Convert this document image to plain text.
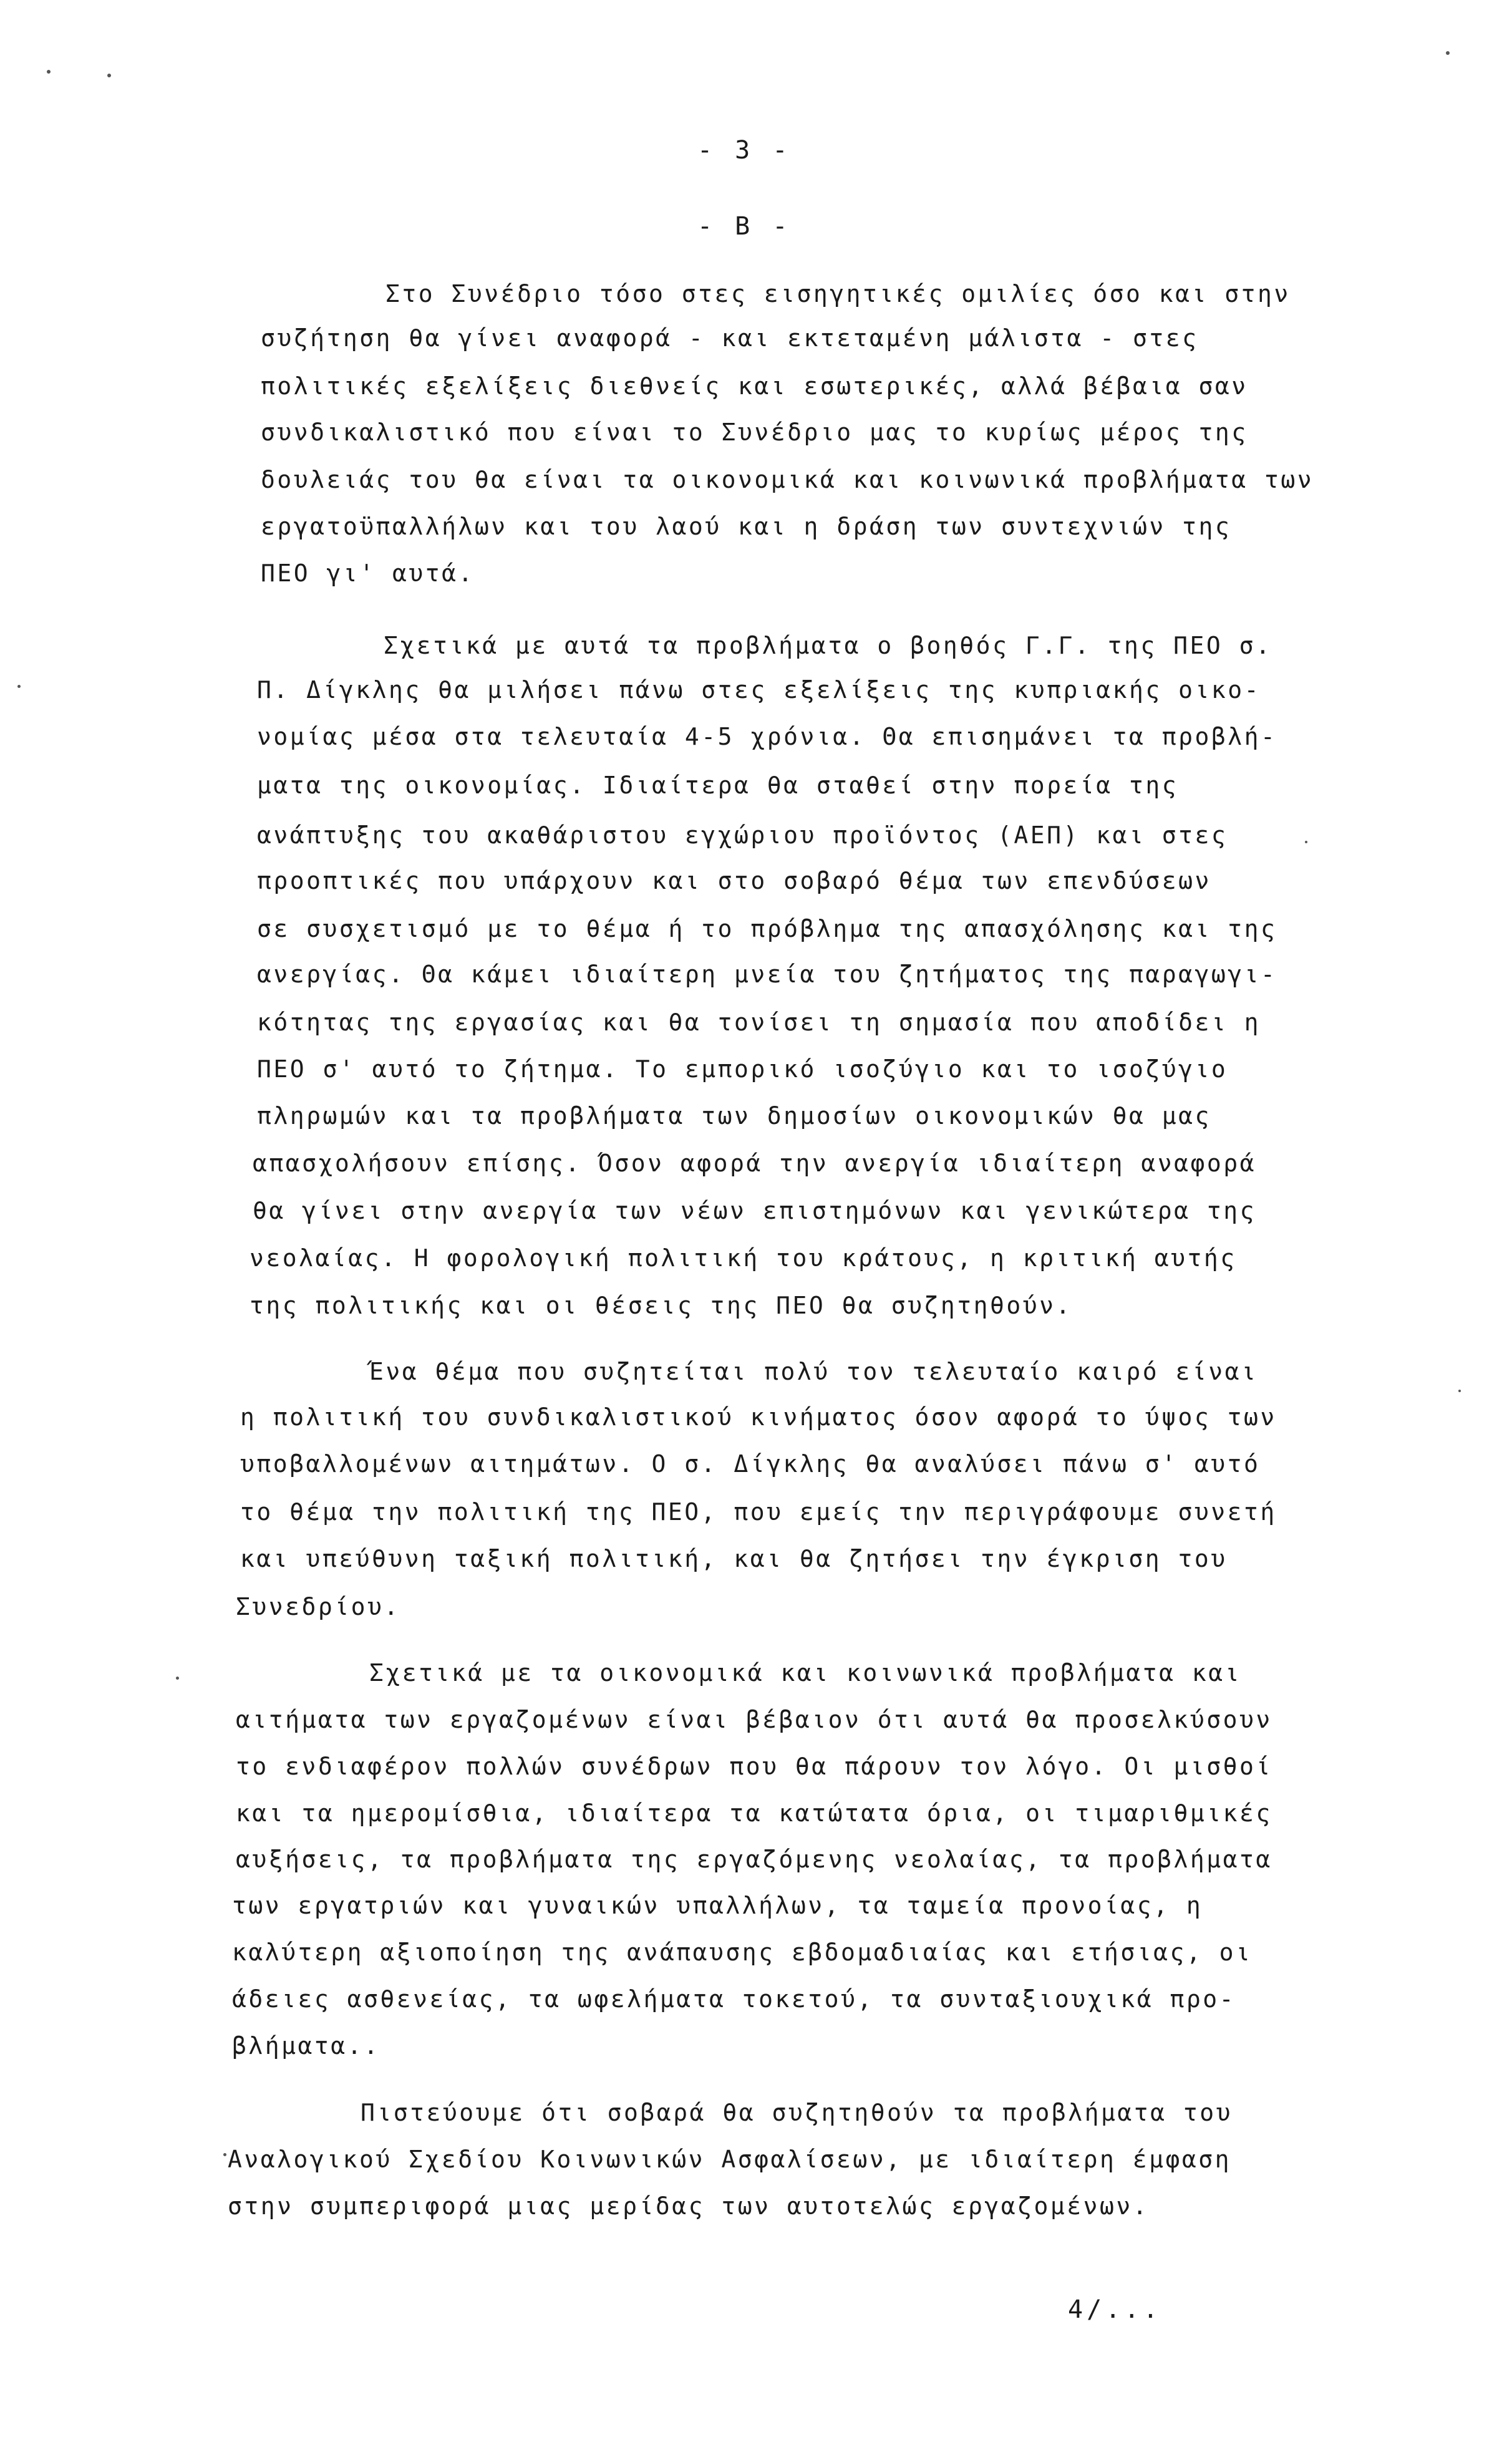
- 3 -
- B -
Στο Συνέδριο τόσο στες εισηγητικές ομιλίες όσο και στην
συζήτηση θα γίνει αναφορά - και εκτεταμένη μάλιστα - στες
πολιτικές εξελίξεις διεθνείς και εσωτερικές, αλλά βέβαια σαν
συνδικαλιστικό που είναι το Συνέδριο μας το κυρίως μέρος της
δουλειάς του θα είναι τα οικονομικά και κοινωνικά προβλήματα των
εργατοϋπαλλήλων και του λαού και η δράση των συντεχνιών της
ΠΕΟ γι' αυτά.
Σχετικά με αυτά τα προβλήματα ο βοηθός Γ.Γ. της ΠΕΟ σ.
Π. Δίγκλης θα μιλήσει πάνω στες εξελίξεις της κυπριακής οικο-
νομίας μέσα στα τελευταία 4-5 χρόνια. Θα επισημάνει τα προβλή-
ματα της οικονομίας. Ιδιαίτερα θα σταθεί στην πορεία της
ανάπτυξης του ακαθάριστου εγχώριου προϊόντος (ΑΕΠ) και στες
προοπτικές που υπάρχουν και στο σοβαρό θέμα των επενδύσεων
σε συσχετισμό με το θέμα ή το πρόβλημα της απασχόλησης και της
ανεργίας. Θα κάμει ιδιαίτερη μνεία του ζητήματος της παραγωγι-
κότητας της εργασίας και θα τονίσει τη σημασία που αποδίδει η
ΠΕΟ σ' αυτό το ζήτημα. Το εμπορικό ισοζύγιο και το ισοζύγιο
πληρωμών και τα προβλήματα των δημοσίων οικονομικών θα μας
απασχολήσουν επίσης. Όσον αφορά την ανεργία ιδιαίτερη αναφορά
θα γίνει στην ανεργία των νέων επιστημόνων και γενικώτερα της
νεολαίας. Η φορολογική πολιτική του κράτους, η κριτική αυτής
της πολιτικής και οι θέσεις της ΠΕΟ θα συζητηθούν.
Ένα θέμα που συζητείται πολύ τον τελευταίο καιρό είναι
η πολιτική του συνδικαλιστικού κινήματος όσον αφορά το ύψος των
υποβαλλομένων αιτημάτων. Ο σ. Δίγκλης θα αναλύσει πάνω σ' αυτό
το θέμα την πολιτική της ΠΕΟ, που εμείς την περιγράφουμε συνετή
και υπεύθυνη ταξική πολιτική, και θα ζητήσει την έγκριση του
Συνεδρίου.
Σχετικά με τα οικονομικά και κοινωνικά προβλήματα και
αιτήματα των εργαζομένων είναι βέβαιον ότι αυτά θα προσελκύσουν
το ενδιαφέρον πολλών συνέδρων που θα πάρουν τον λόγο. Οι μισθοί
και τα ημερομίσθια, ιδιαίτερα τα κατώτατα όρια, οι τιμαριθμικές
αυξήσεις, τα προβλήματα της εργαζόμενης νεολαίας, τα προβλήματα
των εργατριών και γυναικών υπαλλήλων, τα ταμεία προνοίας, η
καλύτερη αξιοποίηση της ανάπαυσης εβδομαδιαίας και ετήσιας, οι
άδειες ασθενείας, τα ωφελήματα τοκετού, τα συνταξιουχικά προ-
βλήματα..
Πιστεύουμε ότι σοβαρά θα συζητηθούν τα προβλήματα του
Αναλογικού Σχεδίου Κοινωνικών Ασφαλίσεων, με ιδιαίτερη έμφαση
στην συμπεριφορά μιας μερίδας των αυτοτελώς εργαζομένων.
4/...
